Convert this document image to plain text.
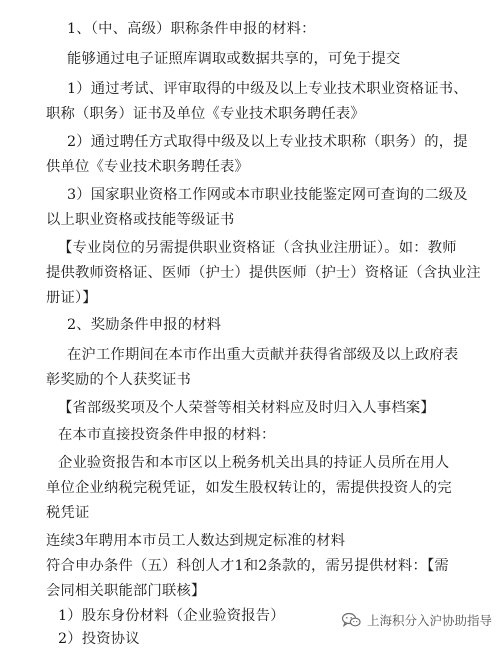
1、（中、高级）职称条件申报的材料：
能够通过电子证照库调取或数据共享的，可免于提交
1）通过考试、评审取得的中级及以上专业技术职业资格证书、
职称（职务）证书及单位《专业技术职务聘任表》
2）通过聘任方式取得中级及以上专业技术职称（职务）的，提
供单位《专业技术职务聘任表》
3）国家职业资格工作网或本市职业技能鉴定网可查询的二级及
以上职业资格或技能等级证书
【专业岗位的另需提供职业资格证（含执业注册证）。如：教师
提供教师资格证、医师（护士）提供医师（护士）资格证（含执业注
册证）】
2、奖励条件申报的材料
在沪工作期间在本市作出重大贡献并获得省部级及以上政府表
彰奖励的个人获奖证书
【省部级奖项及个人荣誉等相关材料应及时归入人事档案】
在本市直接投资条件申报的材料：
企业验资报告和本市区以上税务机关出具的持证人员所在用人
单位企业纳税完税凭证，如发生股权转让的，需提供投资人的完
税凭证
连续3年聘用本市员工人数达到规定标准的材料
符合申办条件（五）科创人才1和2条款的，需另提供材料：【需
会同相关职能部门联核】
1）股东身份材料（企业验资报告）
2）投资协议
上海积分入沪协助指导
